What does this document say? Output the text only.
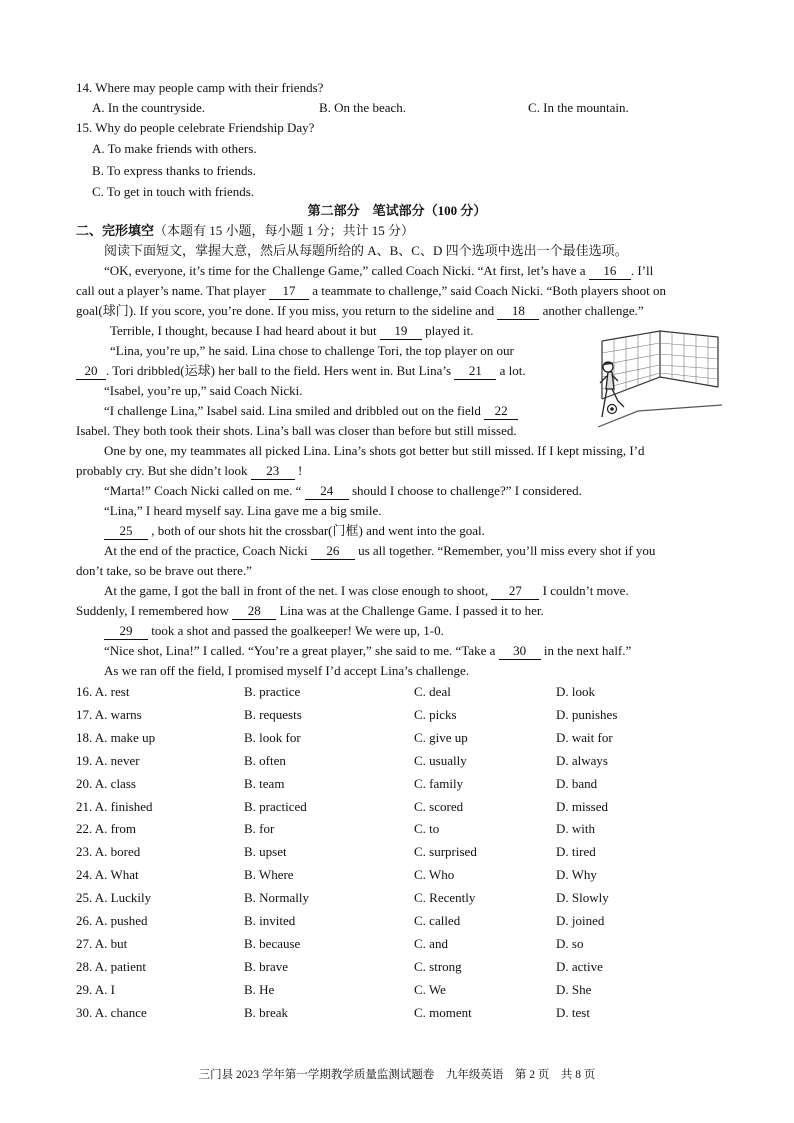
14. Where may people camp with their friends?
A. In the countryside.	B. On the beach.	C. In the mountain.
15. Why do people celebrate Friendship Day?
A. To make friends with others.
B. To express thanks to friends.
C. To get in touch with friends.
第二部分    笔试部分（100 分）
二、完形填空（本题有 15 小题，每小题 1 分；共计 15 分）
阅读下面短文，掌握大意，然后从每题所给的 A、B、C、D 四个选项中选出一个最佳选项。
“OK, everyone, it’s time for the Challenge Game,” called Coach Nicki. “At first, let’s have a 16 . I’ll
call out a player’s name. That player 17 a teammate to challenge,” said Coach Nicki. “Both players shoot on
goal(球门). If you score, you’re done. If you miss, you return to the sideline and 18 another challenge.”
Terrible, I thought, because I had heard about it but 19 played it.
“Lina, you’re up,” he said. Lina chose to challenge Tori, the top player on our
20 . Tori dribbled(运球) her ball to the field. Hers went in. But Lina’s 21 a lot.
“Isabel, you’re up,” said Coach Nicki.
“I challenge Lina,” Isabel said. Lina smiled and dribbled out on the field 22
Isabel. They both took their shots. Lina’s ball was closer than before but still missed.
One by one, my teammates all picked Lina. Lina’s shots got better but still missed. If I kept missing, I’d
probably cry. But she didn’t look 23 !
“Marta!” Coach Nicki called on me. “ 24 should I choose to challenge?” I considered.
“Lina,” I heard myself say. Lina gave me a big smile.
25 , both of our shots hit the crossbar(门框) and went into the goal.
At the end of the practice, Coach Nicki 26 us all together. “Remember, you’ll miss every shot if you
don’t take, so be brave out there.”
At the game, I got the ball in front of the net. I was close enough to shoot, 27 I couldn’t move.
Suddenly, I remembered how 28 Lina was at the Challenge Game. I passed it to her.
29 took a shot and passed the goalkeeper! We were up, 1-0.
“Nice shot, Lina!” I called. “You’re a great player,” she said to me. “Take a 30 in the next half.”
As we ran off the field, I promised myself I’d accept Lina’s challenge.
16. A. rest	B. practice	C. deal	D. look
17. A. warns	B. requests	C. picks	D. punishes
18. A. make up	B. look for	C. give up	D. wait for
19. A. never	B. often	C. usually	D. always
20. A. class	B. team	C. family	D. band
21. A. finished	B. practiced	C. scored	D. missed
22. A. from	B. for	C. to	D. with
23. A. bored	B. upset	C. surprised	D. tired
24. A. What	B. Where	C. Who	D. Why
25. A. Luckily	B. Normally	C. Recently	D. Slowly
26. A. pushed	B. invited	C. called	D. joined
27. A. but	B. because	C. and	D. so
28. A. patient	B. brave	C. strong	D. active
29. A. I	B. He	C. We	D. She
30. A. chance	B. break	C. moment	D. test
三门县 2023 学年第一学期教学质量监测试题卷    九年级英语    第 2 页    共 8 页
